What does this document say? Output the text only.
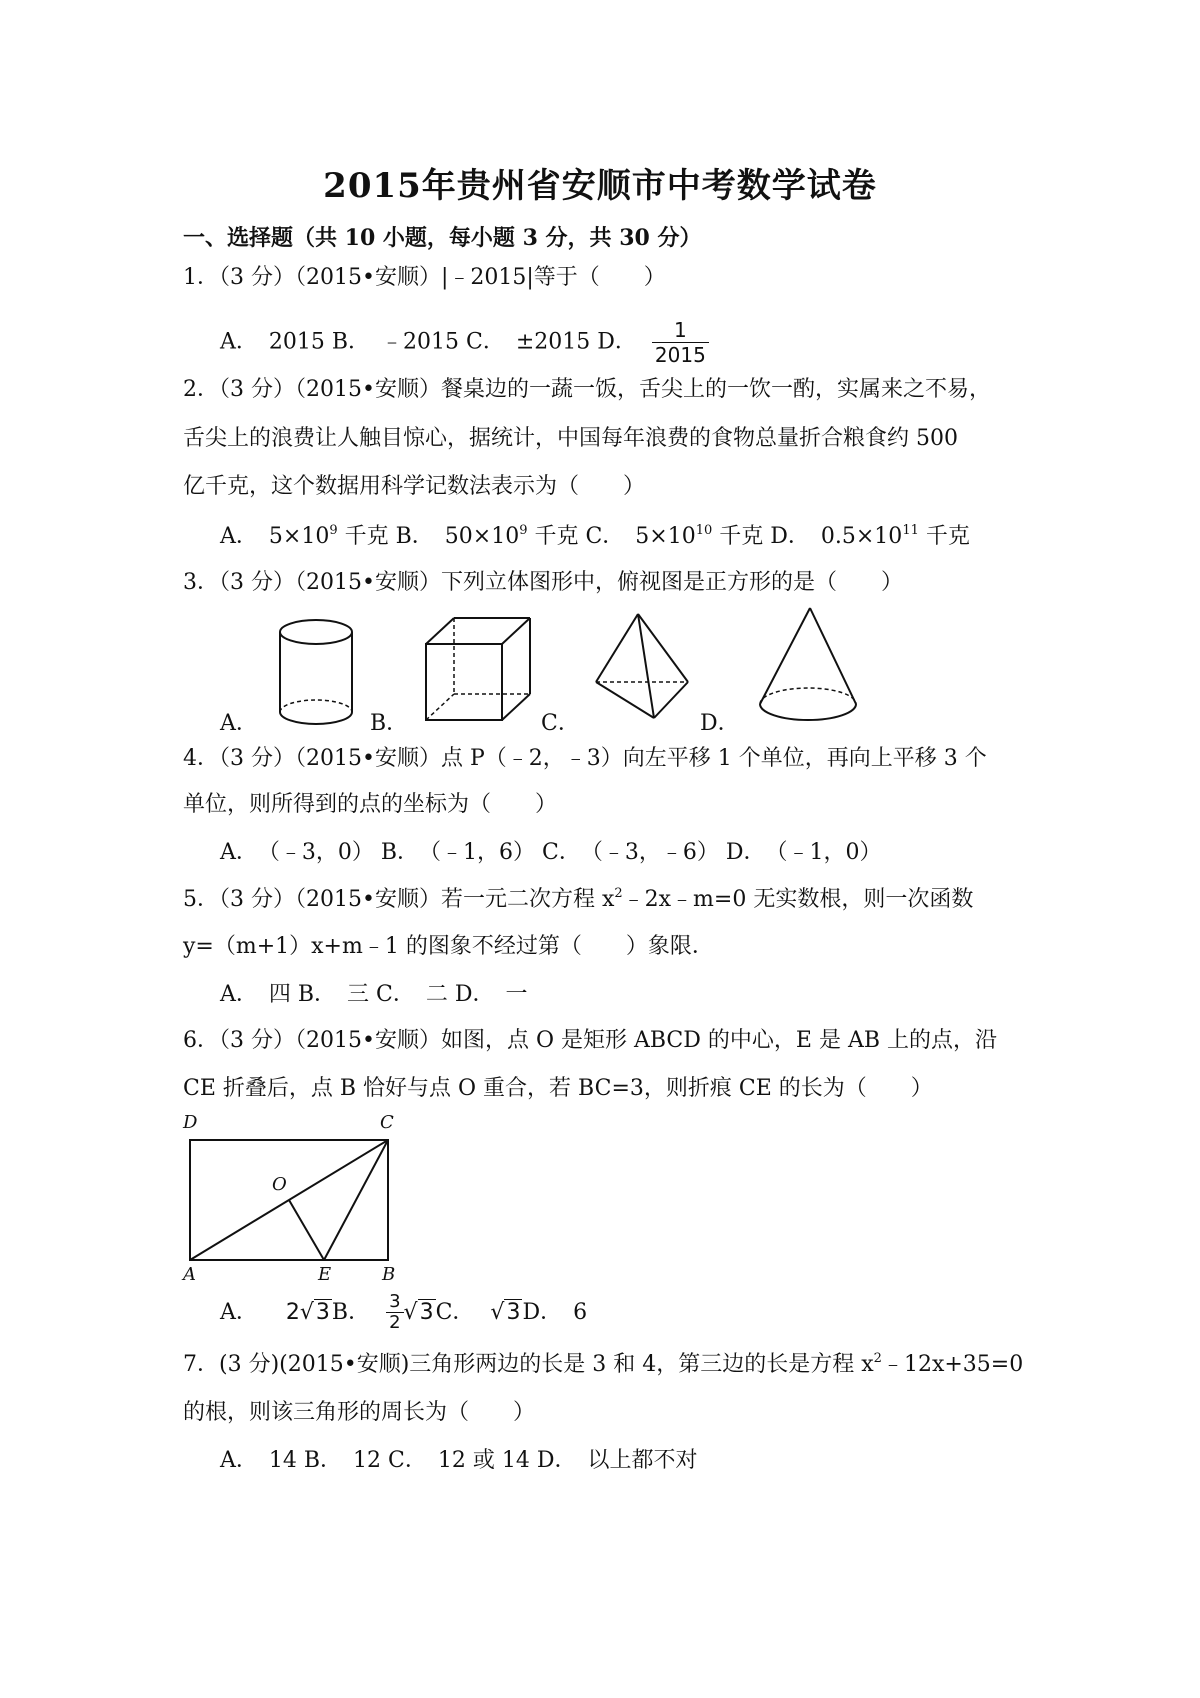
2015年贵州省安顺市中考数学试卷
一、选择题（共 10 小题，每小题 3 分，共 30 分）
1．（3 分）（2015•安顺）|﹣2015|等于（　　）
A．　2015 B．　﹣2015 C．　±2015 D． $\frac{1}{2015}$
2．（3 分）（2015•安顺）餐桌边的一蔬一饭，舌尖上的一饮一酌，实属来之不易，
舌尖上的浪费让人触目惊心，据统计，中国每年浪费的食物总量折合粮食约 500
亿千克，这个数据用科学记数法表示为（　　）
A．　$5\times 10^9$ 千克 B．　$50\times 10^9$ 千克 C．　$5\times 10^{10}$ 千克 D．　$0.5\times 10^{11}$ 千克
3．（3 分）（2015•安顺）下列立体图形中，俯视图是正方形的是（　　）
A．	B．	C．	D．
4．（3 分）（2015•安顺）点 P（﹣2，﹣3）向左平移 1 个单位，再向上平移 3 个
单位，则所得到的点的坐标为（　　）
A．　（﹣3，0） B．　（﹣1，6） C．　（﹣3，﹣6） D．　（﹣1，0）
5．（3 分）（2015•安顺）若一元二次方程 $x^2﹣2x﹣m=0$ 无实数根，则一次函数
y=（m+1）x+m﹣1 的图象不经过第（　　）象限．
A．　四 B．　三 C．　二 D．　一
6．（3 分）（2015•安顺）如图，点 O 是矩形 ABCD 的中心，E 是 AB 上的点，沿
CE 折叠后，点 B 恰好与点 O 重合，若 BC=3，则折痕 CE 的长为（　　）
D	C
O
A	E	B
A． 2√3 B． $\frac{3}{2} √3$ C． √3 D．　6
7．(3 分)(2015•安顺)三角形两边的长是 3 和 4，第三边的长是方程 $x^2﹣12x+35=0$
的根，则该三角形的周长为（　　）
A．　14 B．　12 C．　12 或 14 D．　以上都不对
